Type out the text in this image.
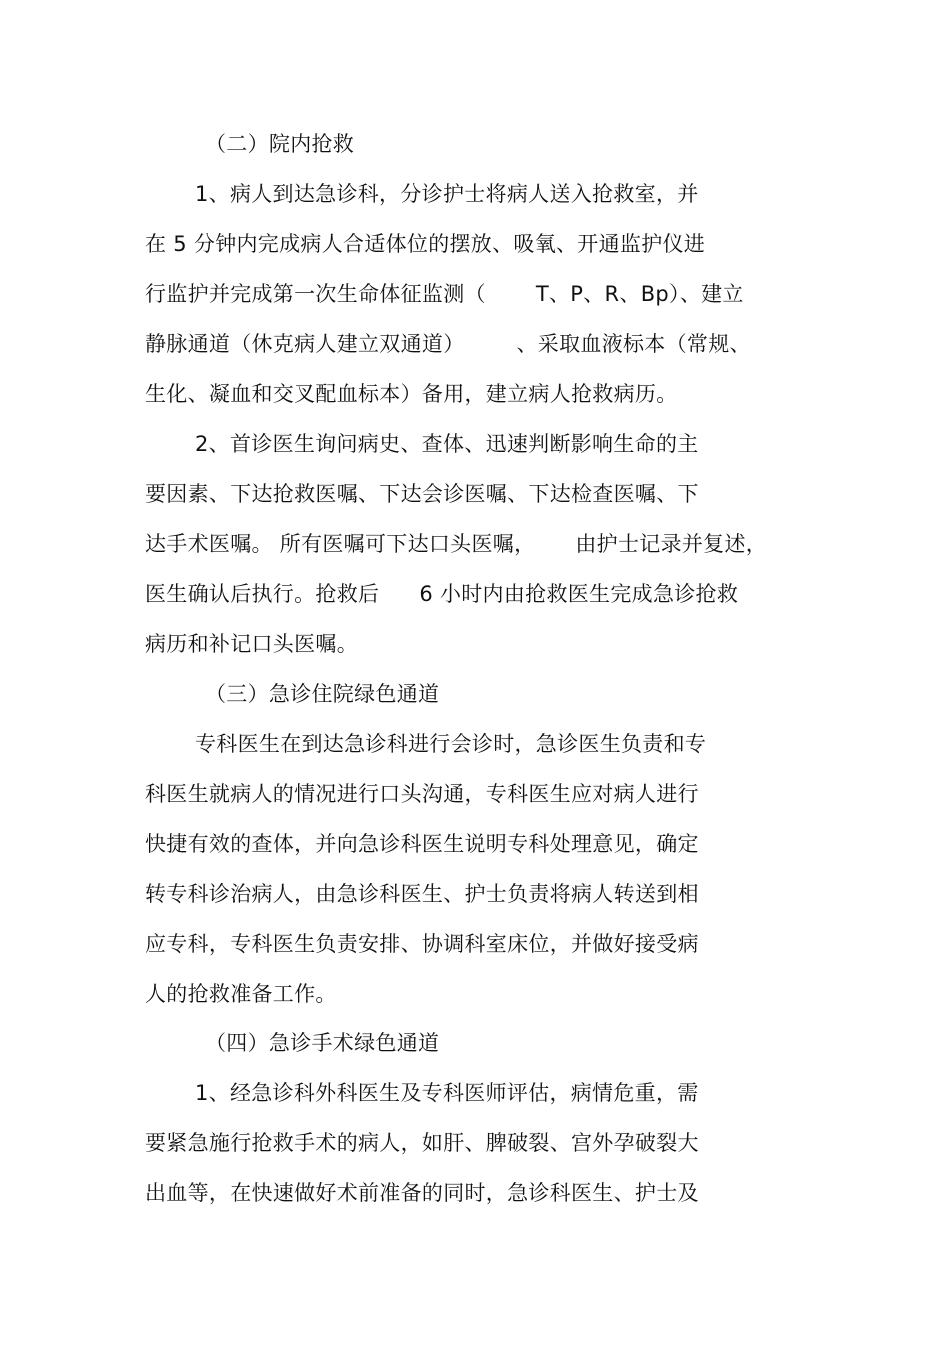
（二）院内抢救
1、病人到达急诊科，分诊护士将病人送入抢救室，并
在 5 分钟内完成病人合适体位的摆放、吸氧、开通监护仪进
行监护并完成第一次生命体征监测（ T、P、R、Bp）、建立
静脉通道（休克病人建立双通道） 、采取血液标本（常规、
生化、凝血和交叉配血标本）备用，建立病人抢救病历。
2、首诊医生询问病史、查体、迅速判断影响生命的主
要因素、下达抢救医嘱、下达会诊医嘱、下达检查医嘱、下
达手术医嘱。 所有医嘱可下达口头医嘱， 由护士记录并复述，
医生确认后执行。抢救后 6 小时内由抢救医生完成急诊抢救
病历和补记口头医嘱。
（三）急诊住院绿色通道
专科医生在到达急诊科进行会诊时，急诊医生负责和专
科医生就病人的情况进行口头沟通，专科医生应对病人进行
快捷有效的查体，并向急诊科医生说明专科处理意见，确定
转专科诊治病人，由急诊科医生、护士负责将病人转送到相
应专科，专科医生负责安排、协调科室床位，并做好接受病
人的抢救准备工作。
（四）急诊手术绿色通道
1、经急诊科外科医生及专科医师评估，病情危重，需
要紧急施行抢救手术的病人，如肝、脾破裂、宫外孕破裂大
出血等，在快速做好术前准备的同时，急诊科医生、护士及
